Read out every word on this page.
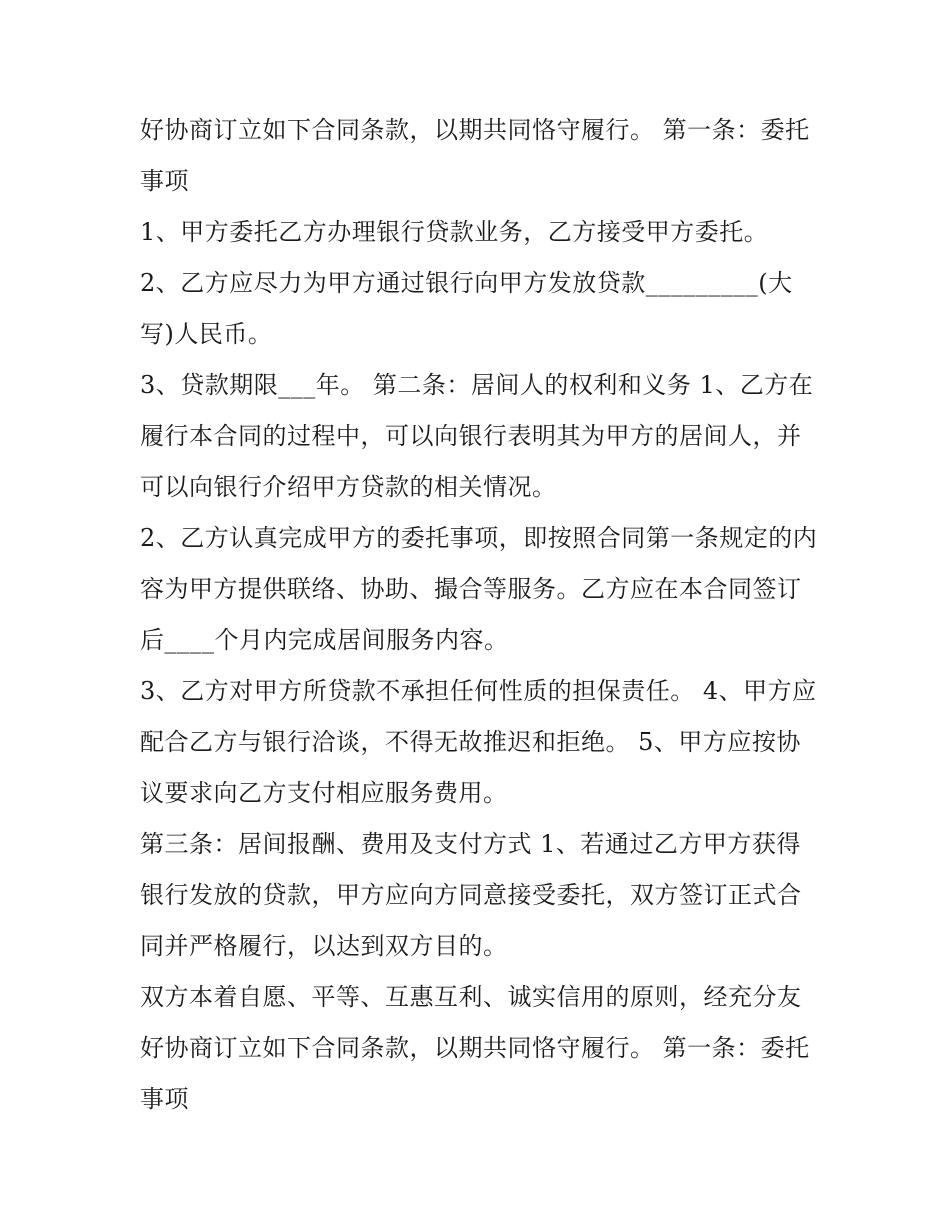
好协商订立如下合同条款，以期共同恪守履行。 第一条：委托事项

1、甲方委托乙方办理银行贷款业务，乙方接受甲方委托。

2、乙方应尽力为甲方通过银行向甲方发放贷款_________(大写)人民币。

3、贷款期限___年。 第二条：居间人的权利和义务 1、乙方在履行本合同的过程中，可以向银行表明其为甲方的居间人，并可以向银行介绍甲方贷款的相关情况。

2、乙方认真完成甲方的委托事项，即按照合同第一条规定的内容为甲方提供联络、协助、撮合等服务。乙方应在本合同签订后____个月内完成居间服务内容。

3、乙方对甲方所贷款不承担任何性质的担保责任。 4、甲方应配合乙方与银行洽谈，不得无故推迟和拒绝。 5、甲方应按协议要求向乙方支付相应服务费用。

第三条：居间报酬、费用及支付方式 1、若通过乙方甲方获得银行发放的贷款，甲方应向方同意接受委托，双方签订正式合同并严格履行，以达到双方目的。

双方本着自愿、平等、互惠互利、诚实信用的原则，经充分友好协商订立如下合同条款，以期共同恪守履行。 第一条：委托事项
